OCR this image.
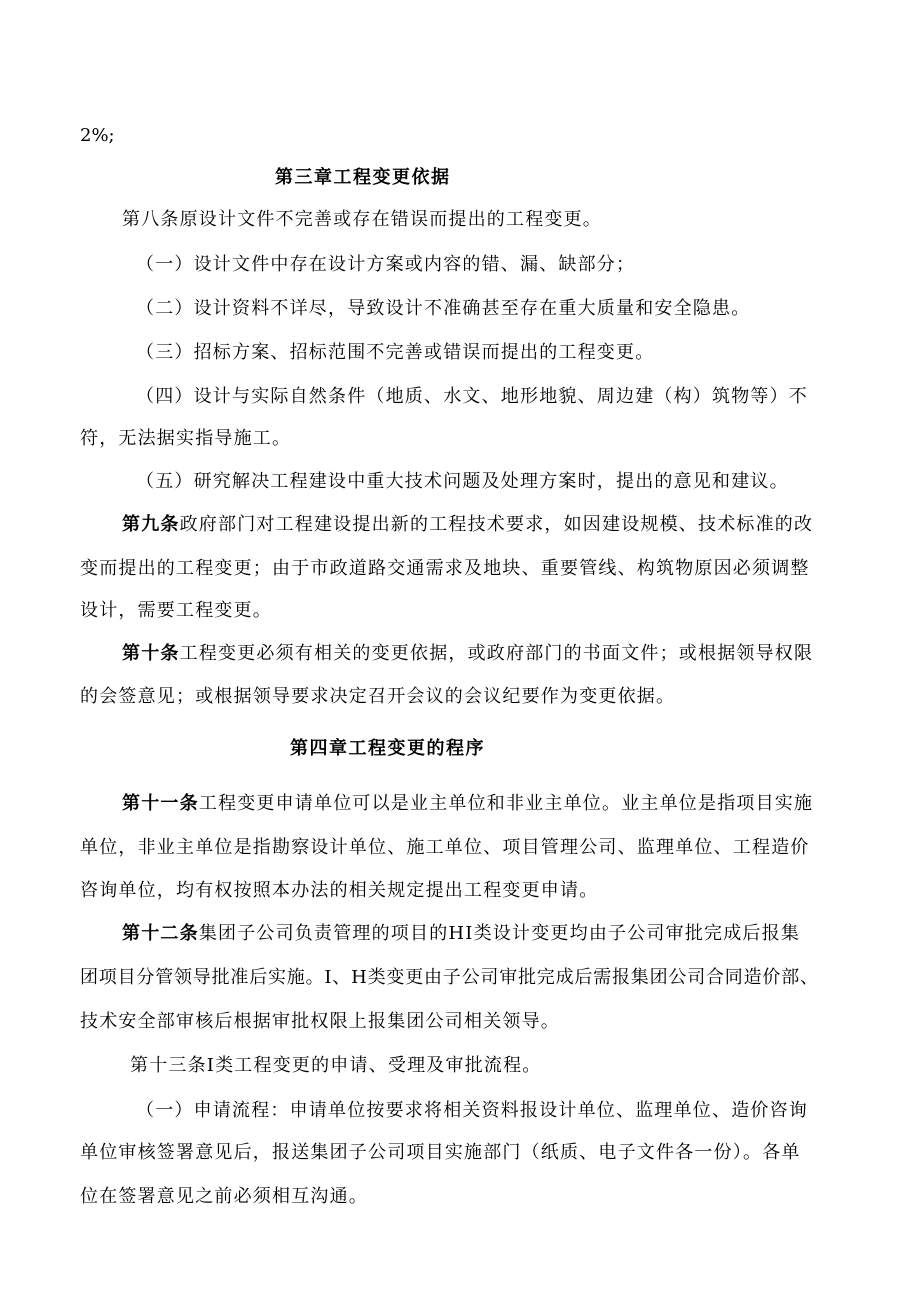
2%;
第三章工程变更依据
第八条原设计文件不完善或存在错误而提出的工程变更。
（一）设计文件中存在设计方案或内容的错、漏、缺部分；
（二）设计资料不详尽，导致设计不准确甚至存在重大质量和安全隐患。
（三）招标方案、招标范围不完善或错误而提出的工程变更。
（四）设计与实际自然条件（地质、水文、地形地貌、周边建（构）筑物等）不
符，无法据实指导施工。
（五）研究解决工程建设中重大技术问题及处理方案时，提出的意见和建议。
第九条政府部门对工程建设提出新的工程技术要求，如因建设规模、技术标准的改
变而提出的工程变更；由于市政道路交通需求及地块、重要管线、构筑物原因必须调整
设计，需要工程变更。
第十条工程变更必须有相关的变更依据，或政府部门的书面文件；或根据领导权限
的会签意见；或根据领导要求决定召开会议的会议纪要作为变更依据。
第四章工程变更的程序
第十一条工程变更申请单位可以是业主单位和非业主单位。业主单位是指项目实施
单位，非业主单位是指勘察设计单位、施工单位、项目管理公司、监理单位、工程造价
咨询单位，均有权按照本办法的相关规定提出工程变更申请。
第十二条集团子公司负责管理的项目的HI类设计变更均由子公司审批完成后报集
团项目分管领导批准后实施。I、H类变更由子公司审批完成后需报集团公司合同造价部、
技术安全部审核后根据审批权限上报集团公司相关领导。
第十三条I类工程变更的申请、受理及审批流程。
（一）申请流程：申请单位按要求将相关资料报设计单位、监理单位、造价咨询
单位审核签署意见后，报送集团子公司项目实施部门（纸质、电子文件各一份）。各单
位在签署意见之前必须相互沟通。
